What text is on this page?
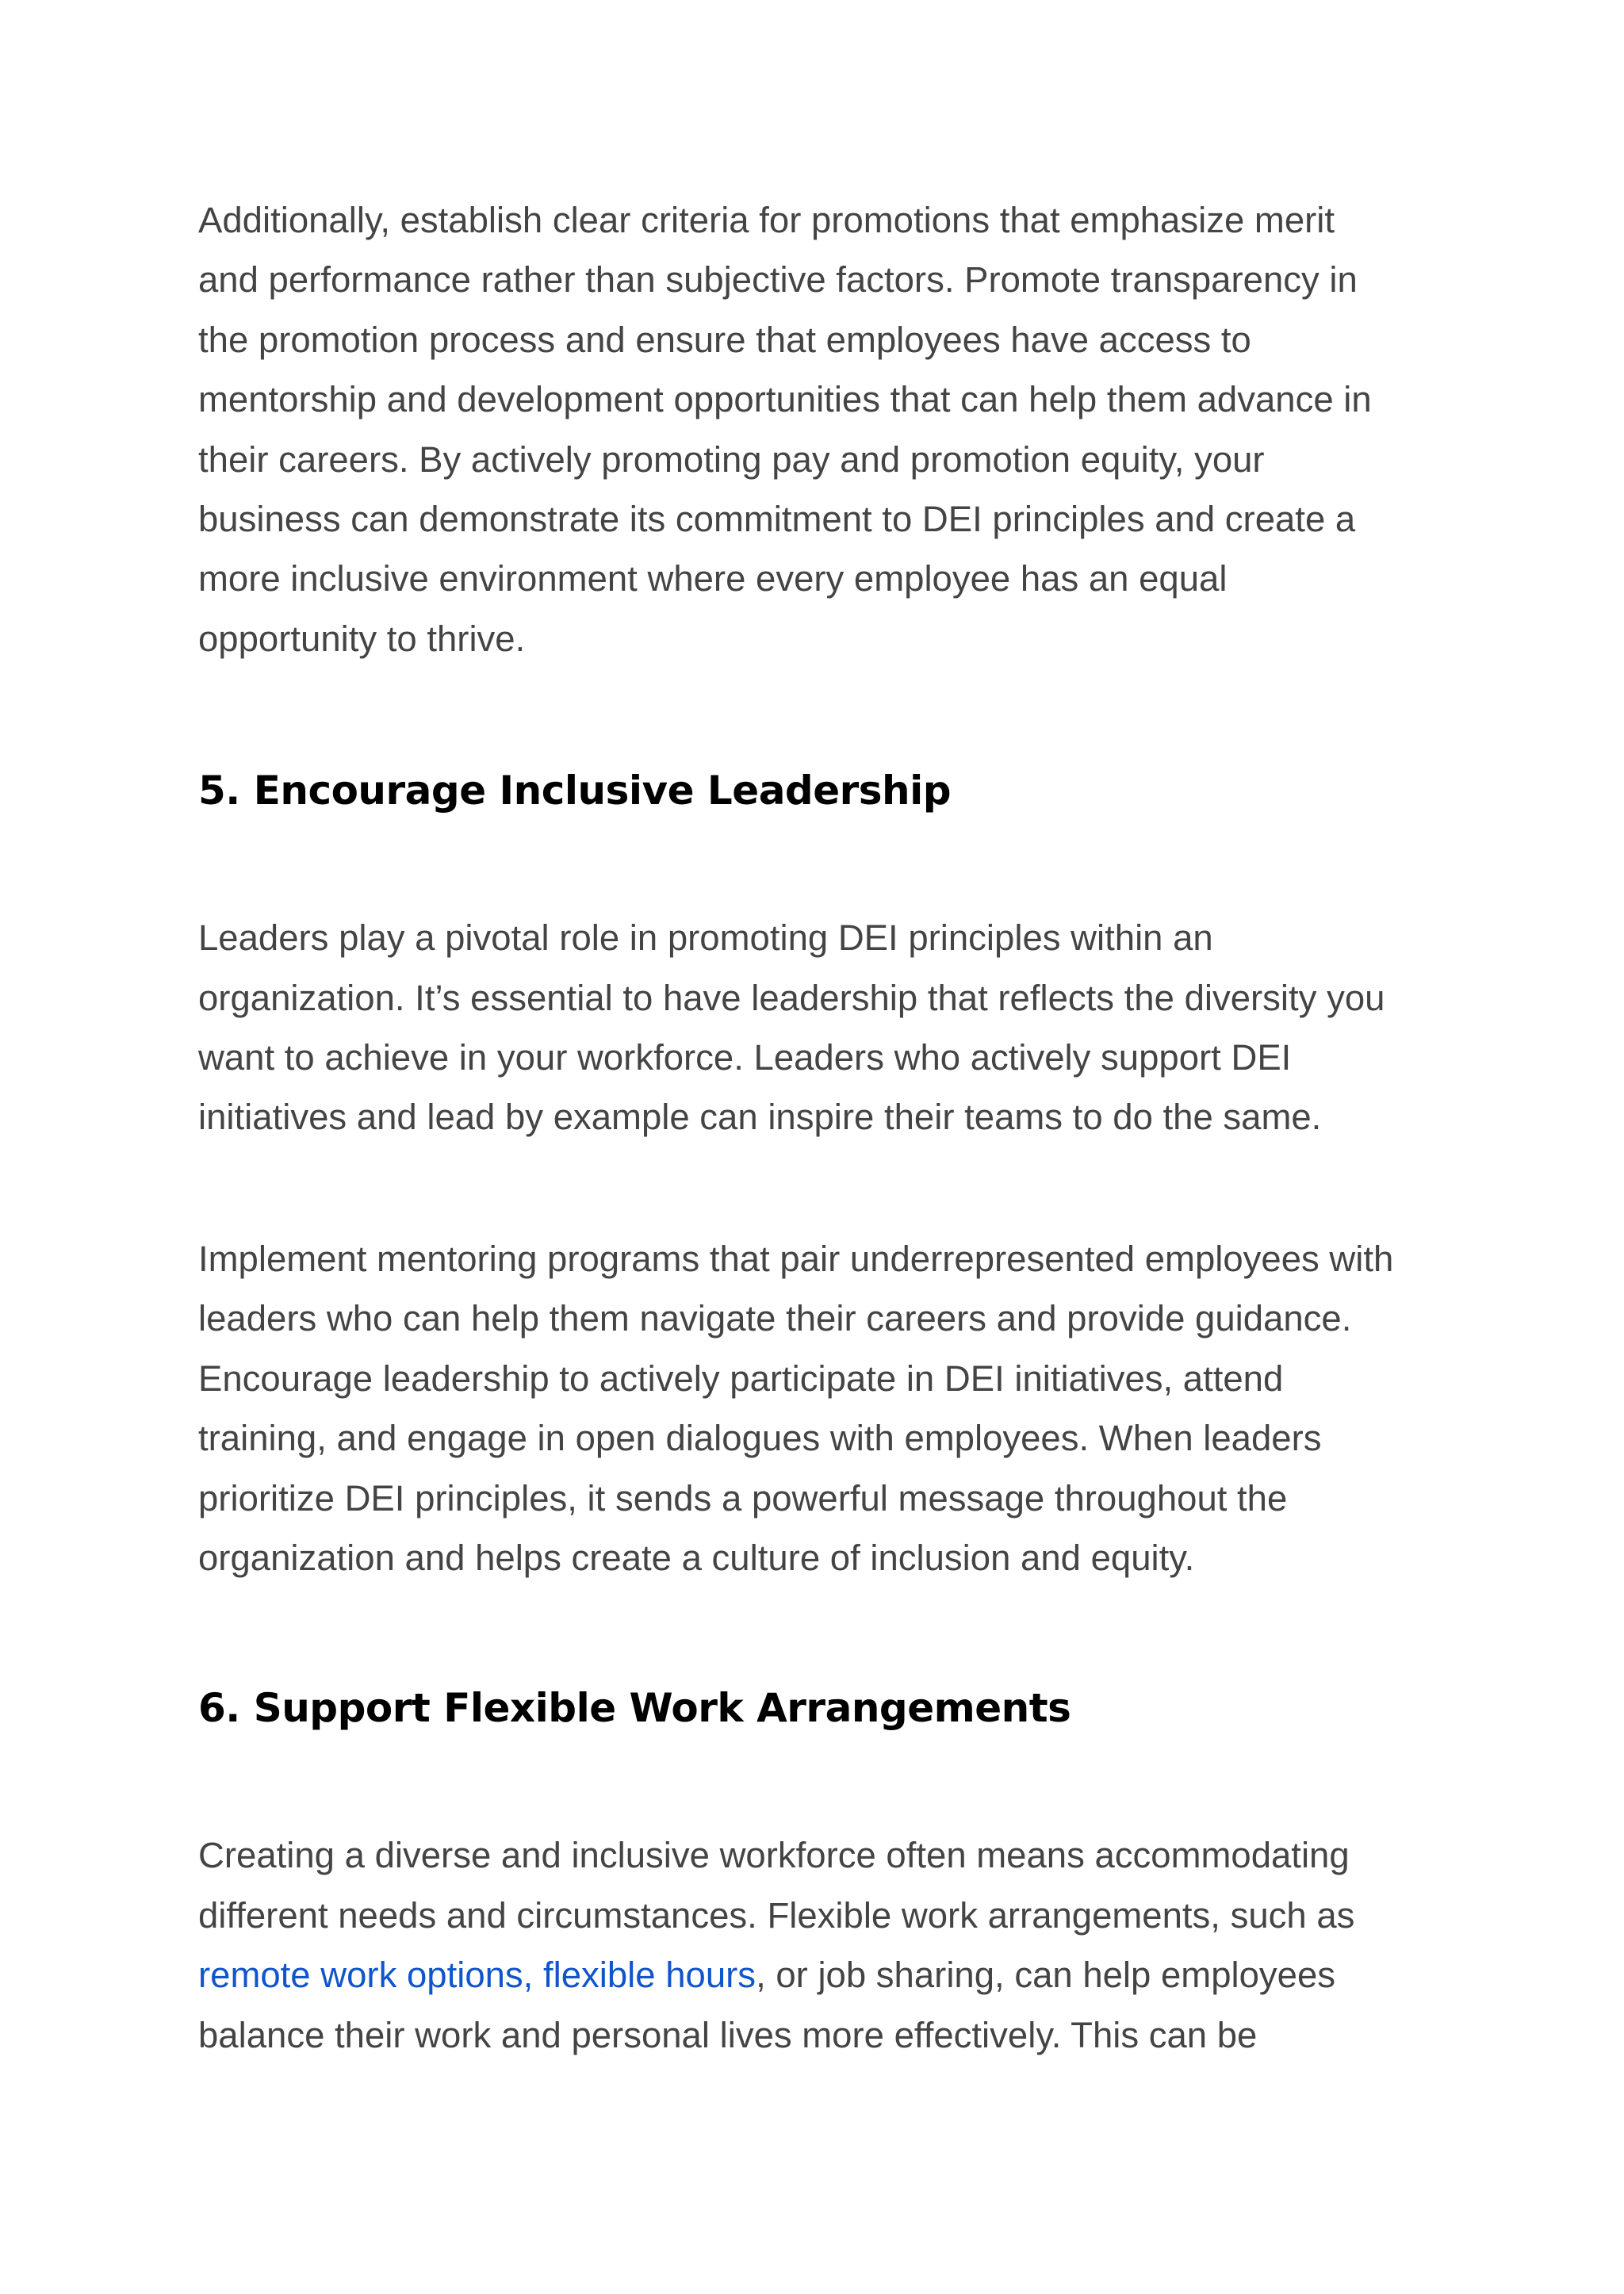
Additionally, establish clear criteria for promotions that emphasize merit
and performance rather than subjective factors. Promote transparency in
the promotion process and ensure that employees have access to
mentorship and development opportunities that can help them advance in
their careers. By actively promoting pay and promotion equity, your
business can demonstrate its commitment to DEI principles and create a
more inclusive environment where every employee has an equal
opportunity to thrive.

5. Encourage Inclusive Leadership

Leaders play a pivotal role in promoting DEI principles within an
organization. It’s essential to have leadership that reflects the diversity you
want to achieve in your workforce. Leaders who actively support DEI
initiatives and lead by example can inspire their teams to do the same.

Implement mentoring programs that pair underrepresented employees with
leaders who can help them navigate their careers and provide guidance.
Encourage leadership to actively participate in DEI initiatives, attend
training, and engage in open dialogues with employees. When leaders
prioritize DEI principles, it sends a powerful message throughout the
organization and helps create a culture of inclusion and equity.

6. Support Flexible Work Arrangements

Creating a diverse and inclusive workforce often means accommodating
different needs and circumstances. Flexible work arrangements, such as
remote work options, flexible hours, or job sharing, can help employees
balance their work and personal lives more effectively. This can be
